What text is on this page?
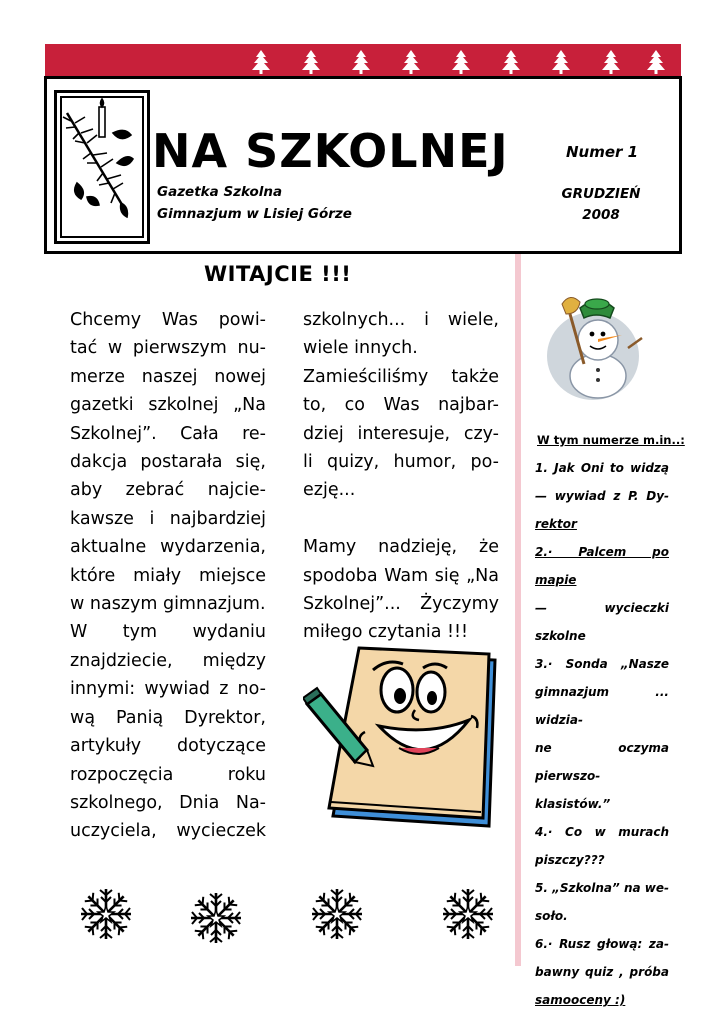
NA SZKOLNEJ
Gazetka Szkolna
Gimnazjum w Lisiej Górze
Numer 1
GRUDZIEŃ
2008
WITAJCIE !!!
Chcemy Was powi-
tać w pierwszym nu-
merze naszej nowej
gazetki szkolnej „Na
Szkolnej”. Cała re-
dakcja postarała się,
aby zebrać najcie-
kawsze i najbardziej
aktualne wydarzenia,
które miały miejsce
w naszym gimnazjum.
W tym wydaniu
znajdziecie, między
innymi: wywiad z no-
wą Panią Dyrektor,
artykuły dotyczące
rozpoczęcia roku
szkolnego, Dnia Na-
uczyciela, wycieczek
szkolnych... i wiele,
wiele innych.
Zamieściliśmy także
to, co Was najbar-
dziej interesuje, czy-
li quizy, humor, po-
ezję...

Mamy nadzieję, że
spodoba Wam się „Na
Szkolnej”... Życzymy
miłego czytania !!!
W tym numerze m.in..:
1. Jak Oni to widzą
— wywiad z P. Dy-
rektor
2.· Palcem po mapie
— wycieczki szkolne
3.· Sonda „Nasze
gimnazjum ... widzia-
ne oczyma pierwszo-
klasistów.”
4.· Co w murach
piszczy???
5. „Szkolna” na we-
soło.
6.· Rusz głową: za-
bawny quiz , próba
samooceny :)
